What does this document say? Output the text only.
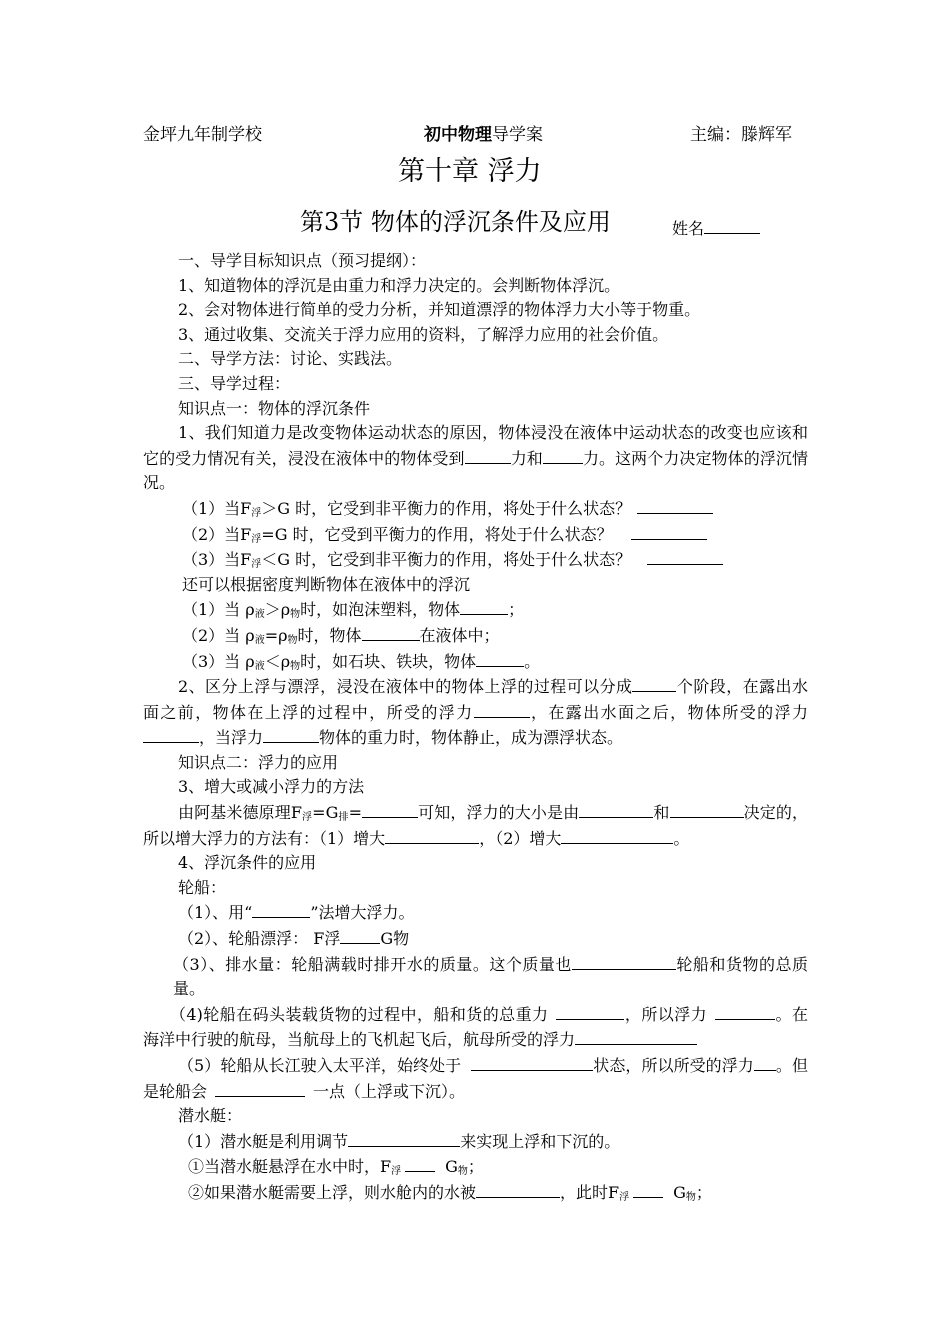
金坪九年制学校	初中物理导学案	主编：滕辉军
第十章 浮力
第3节 物体的浮沉条件及应用	姓名

一、导学目标知识点（预习提纲）：

1、知道物体的浮沉是由重力和浮力决定的。会判断物体浮沉。

2、会对物体进行简单的受力分析，并知道漂浮的物体浮力大小等于物重。

3、通过收集、交流关于浮力应用的资料，了解浮力应用的社会价值。

二、导学方法：讨论、实践法。

三、导学过程：

知识点一：物体的浮沉条件

1、我们知道力是改变物体运动状态的原因，物体浸没在液体中运动状态的改变也应该和它的受力情况有关，浸没在液体中的物体受到	力和	力。这两个力决定物体的浮沉情况。

（1）当$F_浮>G$ 时，它受到非平衡力的作用，将处于什么状态？

（2）当$F_浮=G$ 时，它受到平衡力的作用，将处于什么状态？

（3）当$F_浮<G$ 时，它受到非平衡力的作用，将处于什么状态？

还可以根据密度判断物体在液体中的浮沉

（1）当 $\rho_液>\rho_物$时，如泡沫塑料，物体	；

（2）当 $\rho_液=\rho_物$时，物体	在液体中；

（3）当 $\rho_液<\rho_物$时，如石块、铁块，物体	。

2、区分上浮与漂浮，浸没在液体中的物体上浮的过程可以分成	个阶段，在露出水面之前，物体在上浮的过程中，所受的浮力	，在露出水面之后，物体所受的浮力，当浮力	物体的重力时，物体静止，成为漂浮状态。

知识点二：浮力的应用

3、增大或减小浮力的方法

由阿基米德原理$F_浮=G_排=$	可知，浮力的大小是由	和	决定的，所以增大浮力的方法有：（1）增大	，（2）增大	。

4、浮沉条件的应用

轮船：

（1）、用“	”法增大浮力。

（2）、轮船漂浮： F浮	G物

（3）、排水量：轮船满载时排开水的质量。这个质量也	轮船和货物的总质量。

（4)轮船在码头装载货物的过程中，船和货的总重力	，所以浮力	。在海洋中行驶的航母，当航母上的飞机起飞后，航母所受的浮力

（5）轮船从长江驶入太平洋，始终处于	状态，所以所受的浮力 。但是轮船会	一点（上浮或下沉）。

潜水艇：

（1）潜水艇是利用调节	来实现上浮和下沉的。

①当潜水艇悬浮在水中时，$F_浮$	$G_物$；

②如果潜水艇需要上浮，则水舱内的水被	，此时$F_浮$	$G_物$；
